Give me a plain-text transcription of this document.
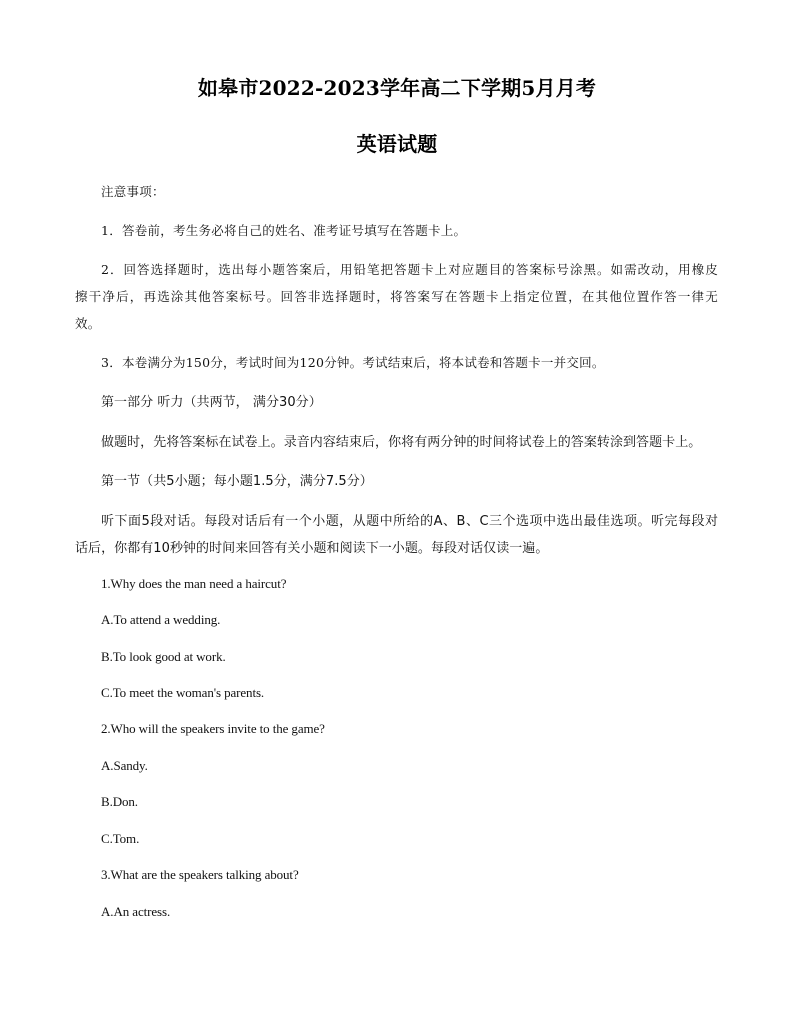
如皋市2022-2023学年高二下学期5月月考
英语试题
注意事项：
1．答卷前，考生务必将自己的姓名、准考证号填写在答题卡上。
2．回答选择题时，选出每小题答案后，用铅笔把答题卡上对应题目的答案标号涂黑。如需改动，用橡皮
擦干净后，再选涂其他答案标号。回答非选择题时，将答案写在答题卡上指定位置，在其他位置作答一律无
效。
3．本卷满分为150分，考试时间为120分钟。考试结束后，将本试卷和答题卡一并交回。
第一部分 听力（共两节， 满分30分）
做题时，先将答案标在试卷上。录音内容结束后，你将有两分钟的时间将试卷上的答案转涂到答题卡上。
第一节（共5小题；每小题1.5分，满分7.5分）
听下面5段对话。每段对话后有一个小题，从题中所给的A、B、C三个选项中选出最佳选项。听完每段对
话后，你都有10秒钟的时间来回答有关小题和阅读下一小题。每段对话仅读一遍。
1.Why does the man need a haircut?
A.To attend a wedding.
B.To look good at work.
C.To meet the woman's parents.
2.Who will the speakers invite to the game?
A.Sandy.
B.Don.
C.Tom.
3.What are the speakers talking about?
A.An actress.
